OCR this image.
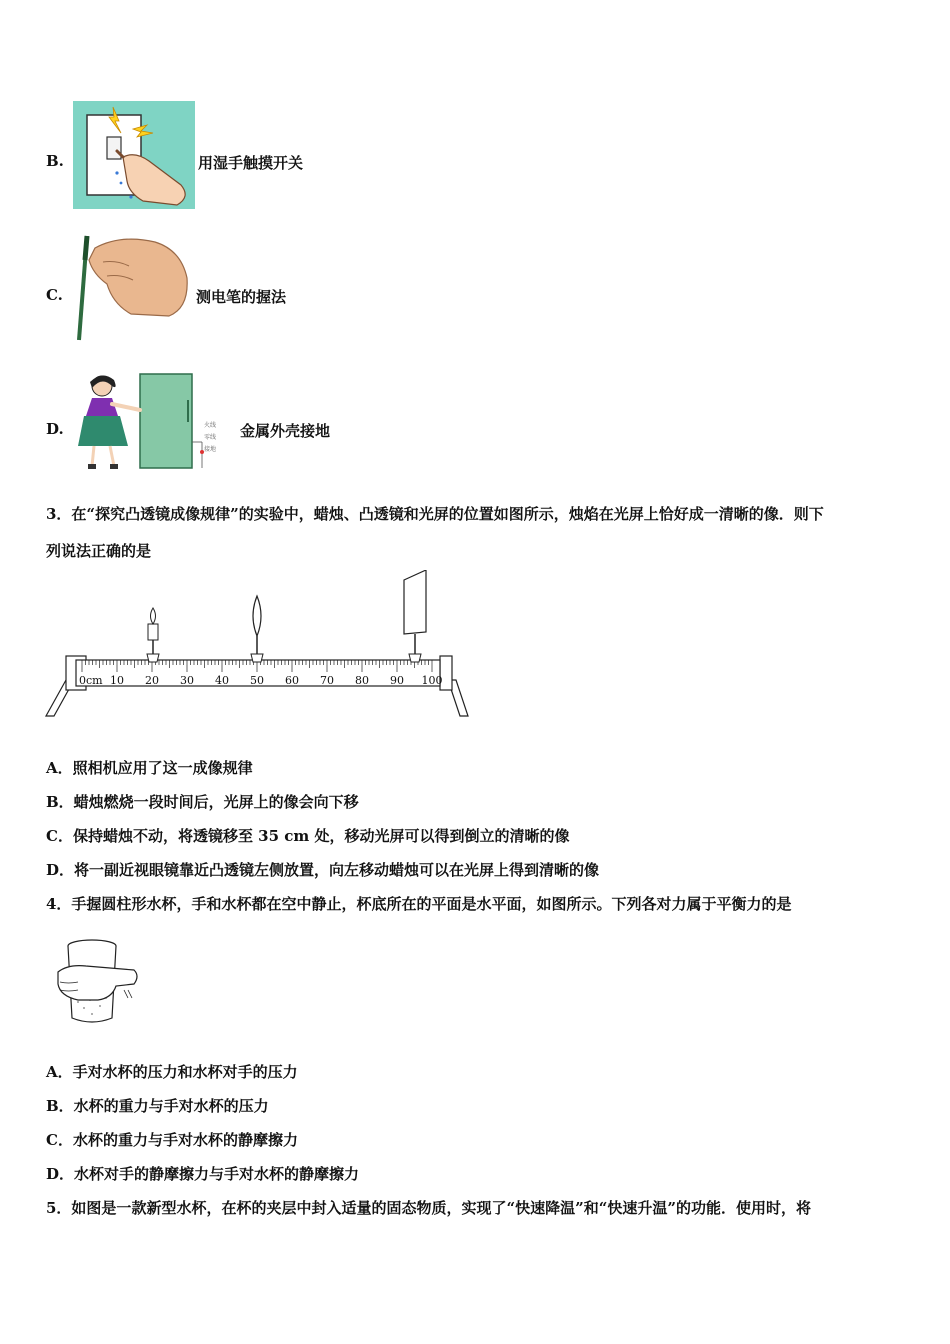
B.	用湿手触摸开关
C.	测电笔的握法
D.	火线
零线
接地
金属外壳接地
3．在“探究凸透镜成像规律”的实验中，蜡烛、凸透镜和光屏的位置如图所示，烛焰在光屏上恰好成一清晰的像．则下
列说法正确的是
0cm 10 20 30 40 50 60 70 80 90 100
A．照相机应用了这一成像规律
B．蜡烛燃烧一段时间后，光屏上的像会向下移
C．保持蜡烛不动，将透镜移至 35 cm 处，移动光屏可以得到倒立的清晰的像
D．将一副近视眼镜靠近凸透镜左侧放置，向左移动蜡烛可以在光屏上得到清晰的像
4．手握圆柱形水杯，手和水杯都在空中静止，杯底所在的平面是水平面，如图所示。下列各对力属于平衡力的是
A．手对水杯的压力和水杯对手的压力
B．水杯的重力与手对水杯的压力
C．水杯的重力与手对水杯的静摩擦力
D．水杯对手的静摩擦力与手对水杯的静摩擦力
5．如图是一款新型水杯，在杯的夹层中封入适量的固态物质，实现了“快速降温”和“快速升温”的功能．使用时，将
